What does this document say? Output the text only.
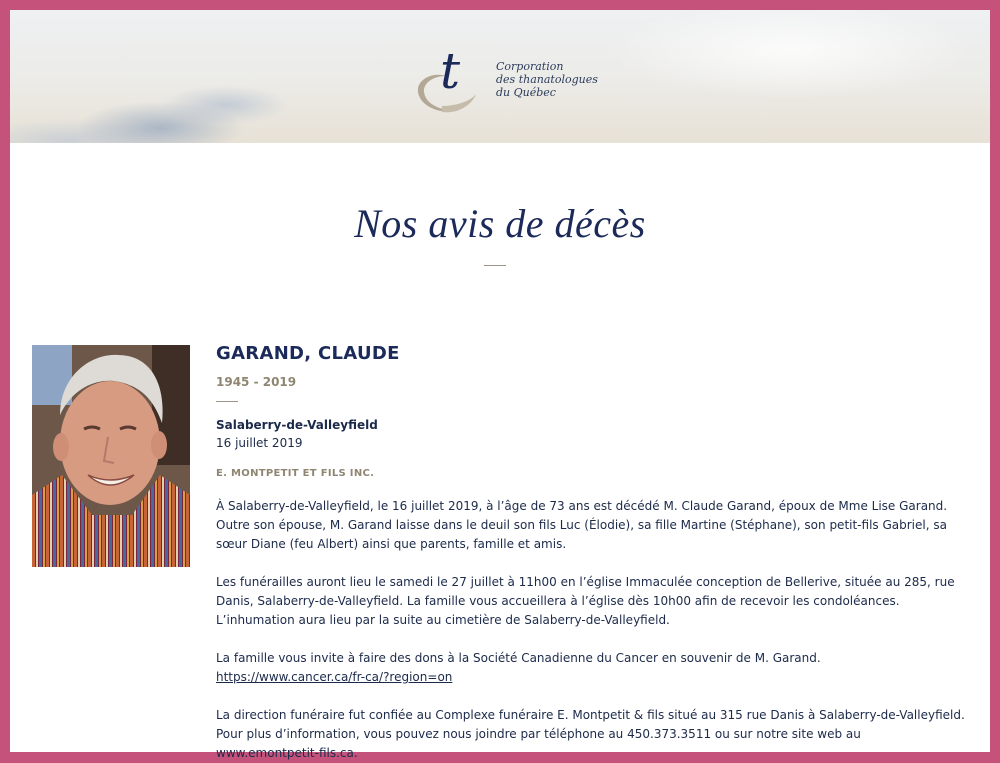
t	Corporation
des thanatologues
du Québec
Nos avis de décès
GARAND, CLAUDE
1945 - 2019
Salaberry-de-Valleyfield
16 juillet 2019
E. MONTPETIT ET FILS INC.

À Salaberry-de-Valleyfield, le 16 juillet 2019, à l’âge de 73 ans est décédé M. Claude Garand, époux de Mme Lise Garand.
Outre son épouse, M. Garand laisse dans le deuil son fils Luc (Élodie), sa fille Martine (Stéphane), son petit-fils Gabriel, sa sœur Diane (feu Albert) ainsi que parents, famille et amis.

Les funérailles auront lieu le samedi le 27 juillet à 11h00 en l’église Immaculée conception de Bellerive, située au 285, rue Danis, Salaberry-de-Valleyfield. La famille vous accueillera à l’église dès 10h00 afin de recevoir les condoléances. L’inhumation aura lieu par la suite au cimetière de Salaberry-de-Valleyfield.

La famille vous invite à faire des dons à la Société Canadienne du Cancer en souvenir de M. Garand. https://www.cancer.ca/fr-ca/?region=on

La direction funéraire fut confiée au Complexe funéraire E. Montpetit & fils situé au 315 rue Danis à Salaberry-de-Valleyfield. Pour plus d’information, vous pouvez nous joindre par téléphone au 450.373.3511 ou sur notre site web au www.emontpetit-fils.ca.
